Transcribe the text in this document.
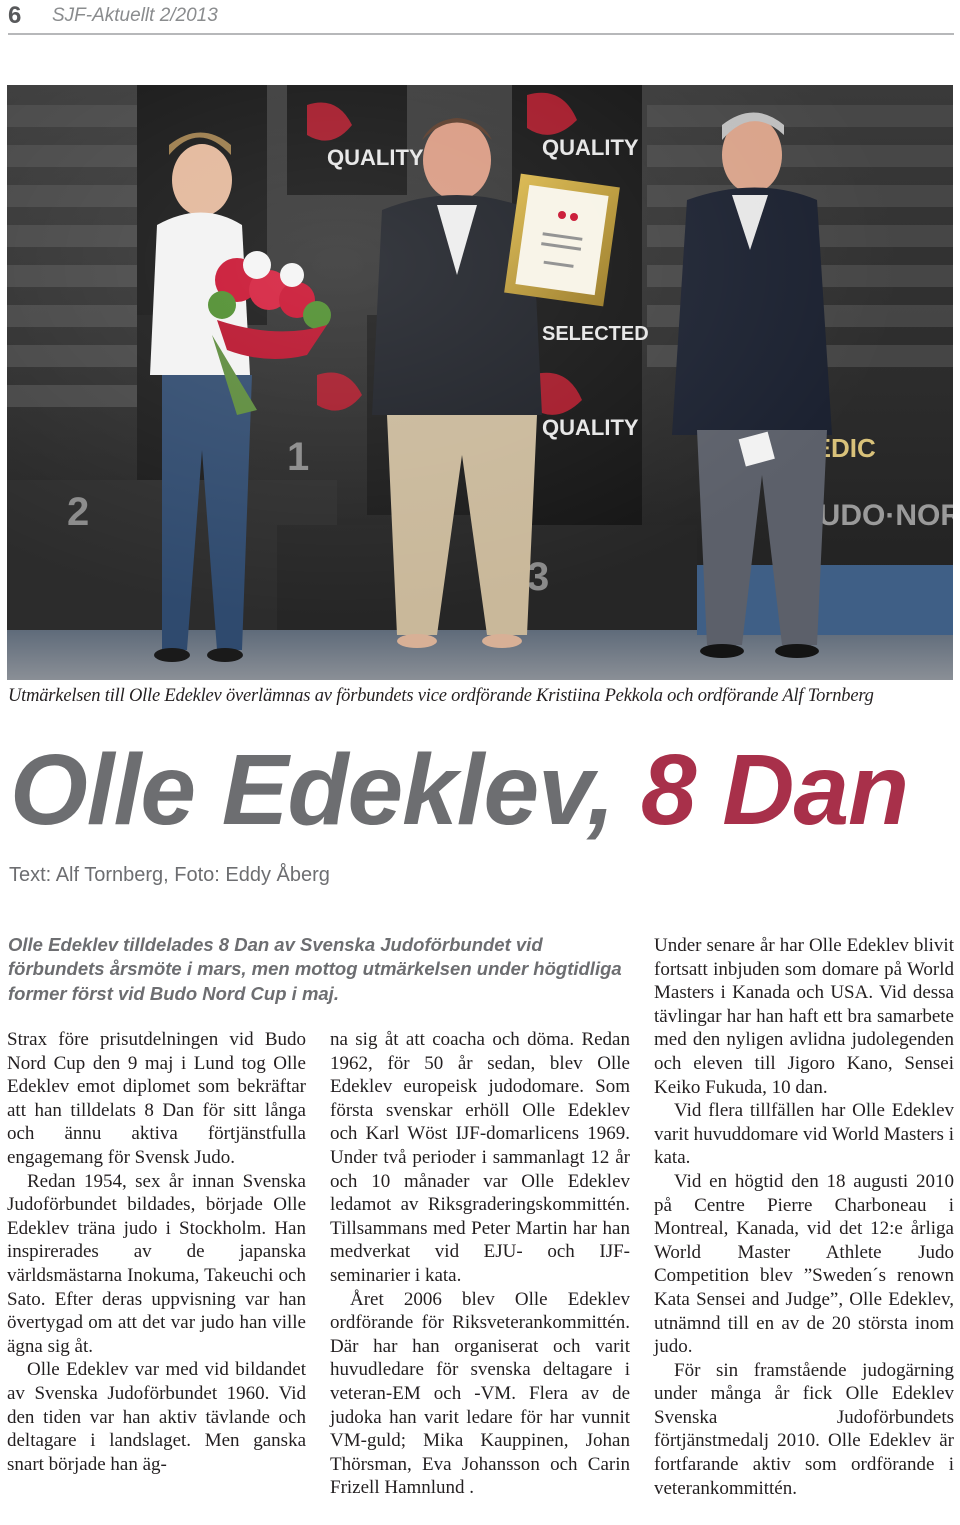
6 SJF-Aktuellt 2/2013
Utmärkelsen till Olle Edeklev överlämnas av förbundets vice ordförande Kristiina Pekkola och ordförande Alf Tornberg
Olle Edeklev, 8 Dan
Text: Alf Tornberg, Foto: Eddy Åberg
Olle Edeklev tilldelades 8 Dan av Svenska Judoförbundet vid förbundets årsmöte i mars, men mottog utmärkelsen under högtidliga former först vid Budo Nord Cup i maj.

Strax före prisutdelningen vid Budo Nord Cup den 9 maj i Lund tog Olle Edeklev emot diplomet som bekräftar att han tilldelats 8 Dan för sitt långa och ännu aktiva förtjänstfulla engagemang för Svensk Judo.

Redan 1954, sex år innan Svenska Judoförbundet bildades, började Olle Edeklev träna judo i Stockholm. Han inspirerades av de japanska världsmästarna Inokuma, Takeuchi och Sato. Efter deras uppvisning var han övertygad om att det var judo han ville ägna sig åt.

Olle Edeklev var med vid bildandet av Svenska Judoförbundet 1960. Vid den tiden var han aktiv tävlande och deltagare i landslaget. Men ganska snart började han äg-

na sig åt att coacha och döma. Redan 1962, för 50 år sedan, blev Olle Edeklev europeisk judodomare. Som första svenskar erhöll Olle Edeklev och Karl Wöst IJF-domarlicens 1969. Under två perioder i sammanlagt 12 år och 10 månader var Olle Edeklev ledamot av Riksgraderingskommittén. Tillsammans med Peter Martin har han medverkat vid EJU- och IJF-seminarier i kata.

Året 2006 blev Olle Edeklev ordförande för Riksveterankommittén. Där har han organiserat och varit huvudledare för svenska deltagare i veteran-EM och -VM. Flera av de judoka han varit ledare för har vunnit VM-guld; Mika Kauppinen, Johan Thörsman, Eva Johansson och Carin Frizell Hamnlund .

Under senare år har Olle Edeklev blivit fortsatt inbjuden som domare på World Masters i Kanada och USA. Vid dessa tävlingar har han haft ett bra samarbete med den nyligen avlidna judolegenden och eleven till Jigoro Kano, Sensei Keiko Fukuda, 10 dan.

Vid flera tillfällen har Olle Edeklev varit huvuddomare vid World Masters i kata.

Vid en högtid den 18 augusti 2010 på Centre Pierre Charboneau i Montreal, Kanada, vid det 12:e årliga World Master Athlete Judo Competition blev ”Sweden´s renown Kata Sensei and Judge”, Olle Edeklev, utnämnd till en av de 20 största inom judo.

För sin framstående judogärning under många år fick Olle Edeklev Svenska Judoförbundets förtjänstmedalj 2010. Olle Edeklev är fortfarande aktiv som ordförande i veterankommittén.
